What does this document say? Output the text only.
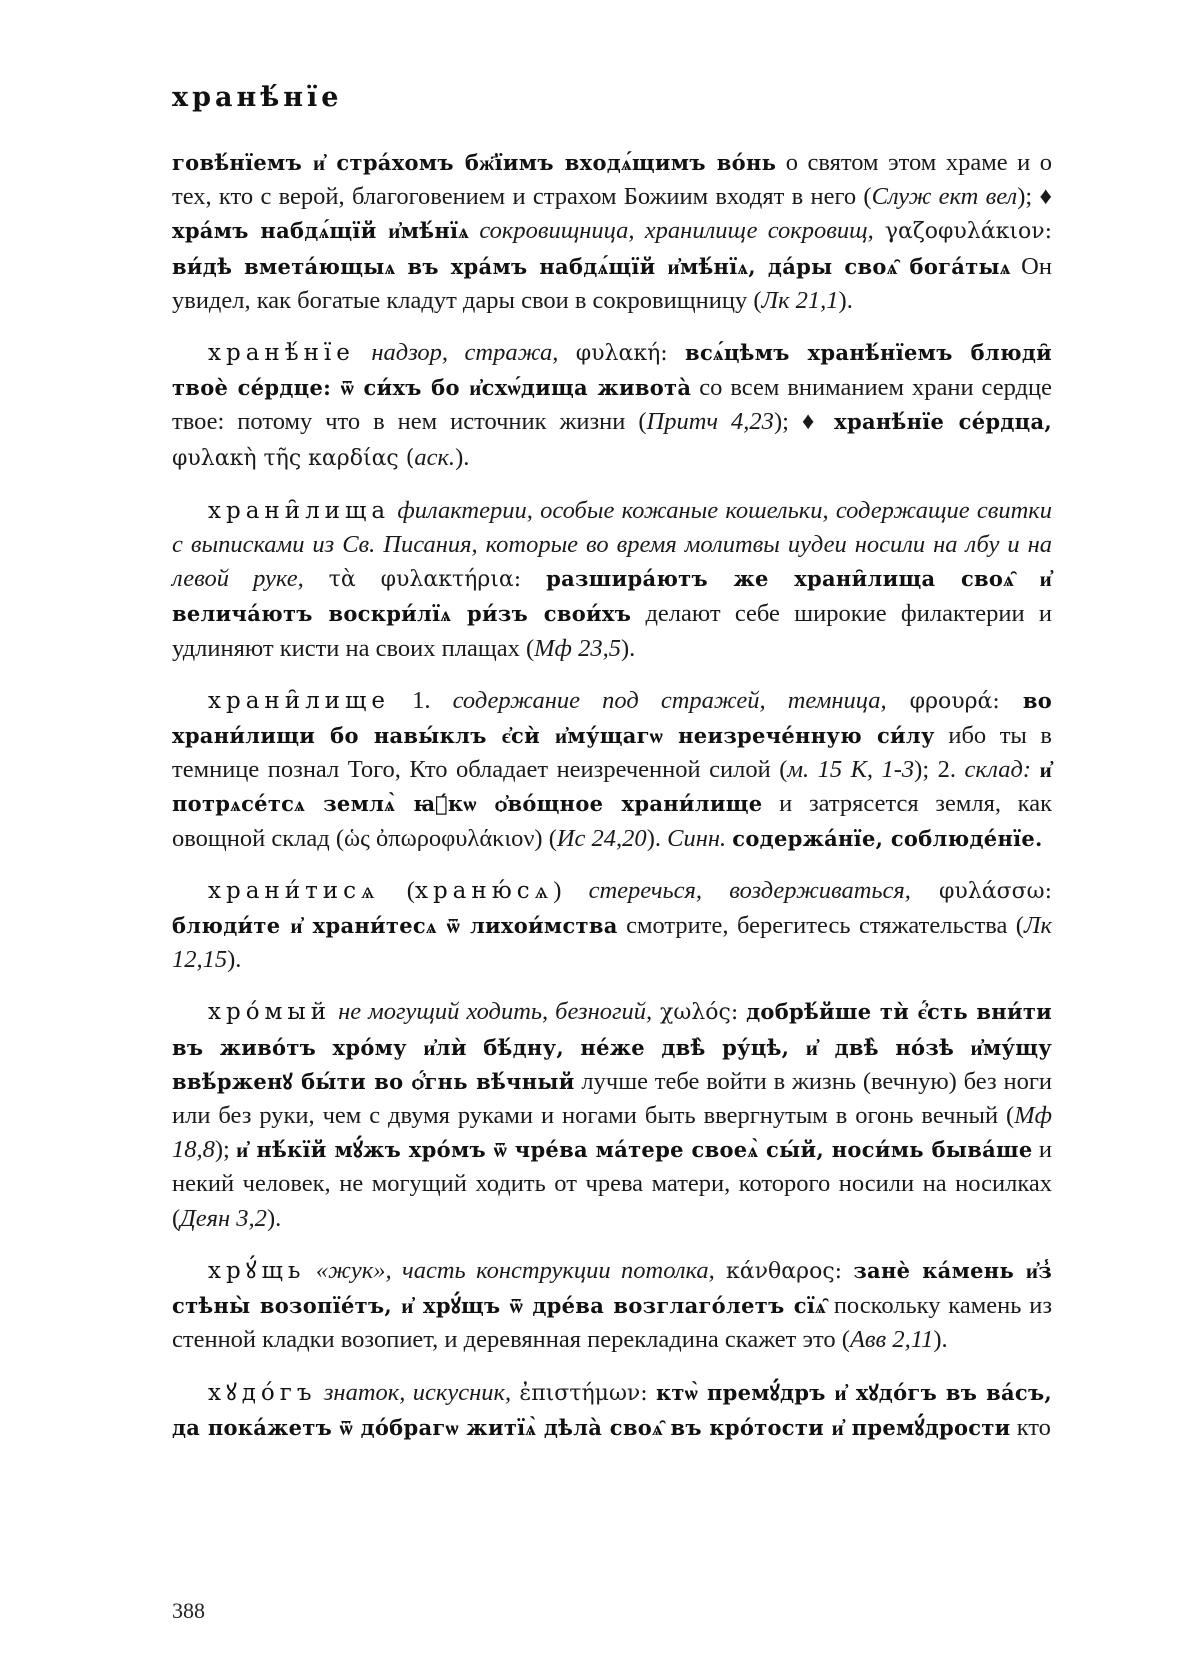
хранѣ́нїе

говѣ́нїемъ и҆ стра́хомъ бж҃їимъ входѧ́щимъ во́нь о святом этом храме и о тех, кто с верой, благоговением и страхом Божиим входят в него (Служ ект вел); ♦ хра́мъ набдѧ́щїй и҆мѣ́нїѧ сокровищница, хранилище сокровищ, γαζοφυλάκιον: ви́дѣ вмета́ющыѧ въ хра́мъ набдѧ́щїй и҆мѣ́нїѧ, да́ры своѧ̑ бога́тыѧ Он увидел, как богатые кладут дары свои в сокровищницу (Лк 21,1).

хранѣ́нїе надзор, стража, φυλακή: всѧ́цѣмъ хранѣ́нїемъ блюди̑ твоѐ се́рдце: ѿ си́хъ бо и҆схѡ́дища живота̀ со всем вниманием храни сердце твое: потому что в нем источник жизни (Притч 4,23); ♦ хранѣ́нїе се́рдца, φυλακὴ τῆς καρδίας (аск.).

храни̑лища филактерии, особые кожаные кошельки, содержащие свитки с выписками из Св. Писания, которые во время молитвы иудеи носили на лбу и на левой руке, τὰ φυλακτήρια: разшира́ютъ же храни̑лища своѧ̑ и҆ велича́ютъ воскри́лїѧ ри́зъ свои́хъ делают себе широкие филактерии и удлиняют кисти на своих плащах (Мф 23,5).

храни̑лище 1. содержание под стражей, темница, φρουρά: во храни́лищи бо навы́клъ є҆сѝ и҆му́щагѡ неизрече́нную си́лу ибо ты в темнице познал Того, Кто обладает неизреченной силой (м. 15 К, 1-3); 2. склад: и҆ потрѧсе́тсѧ землѧ̀ ꙗ҆́кѡ ѻ҆во́щное храни́лище и затрясется земля, как овощной склад (ὡς ὀπωροφυλάκιον) (Ис 24,20). Синн. содержа́нїе, соблюде́нїе.

храни́тисѧ (храню́сѧ) стеречься, воздерживаться, φυλάσσω: блюди́те и҆ храни́тесѧ ѿ лихои́мства смотрите, берегитесь стяжательства (Лк 12,15).

хро́мый не могущий ходить, безногий, χωλός: добрѣ́йше тѝ є҆́сть вни́ти въ живо́тъ хро́му и҆лѝ бѣ́дну, не́же двѣ̀ ру́цѣ, и҆ двѣ̀ но́зѣ и҆му́щу ввѣ́рженꙋ бы́ти во ѻ҆́гнь вѣ́чный лучше тебе войти в жизнь (вечную) без ноги или без руки, чем с двумя руками и ногами быть ввергнутым в огонь вечный (Мф 18,8); и҆ нѣ́кїй мꙋ́жъ хро́мъ ѿ чре́ва ма́тере своеѧ̀ сы́й, носи́мь быва́ше и некий человек, не могущий ходить от чрева матери, которого носили на носилках (Деян 3,2).

хрꙋ́щь «жук», часть конструкции потолка, κάνθαρος: занѐ ка́мень и҆з̾ стѣны̀ возопїе́тъ, и҆ хрꙋ́щъ ѿ дре́ва возглаго́летъ сїѧ̑ поскольку камень из стенной кладки возопиет, и деревянная перекладина скажет это (Авв 2,11).

хꙋдо́гъ знаток, искусник, ἐπιστήμων: ктѡ̀ премꙋ́дръ и҆ хꙋдо́гъ въ ва́съ, да пока́жетъ ѿ до́брагѡ житїѧ̀ дѣла̀ своѧ̑ въ кро́тости и҆ премꙋ́дрости кто

388
